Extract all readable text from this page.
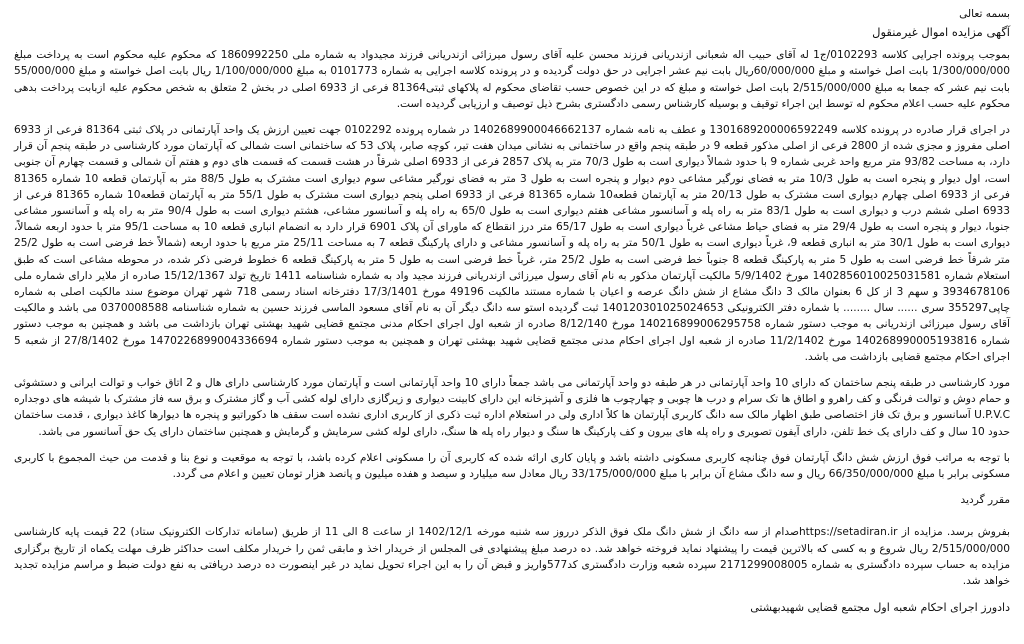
بسمه تعالی

آگهی مزایده اموال غیرمنقول

بموجب پرونده اجرایی کلاسه 0102293/ج1 له آقای حبیب اله شعبانی ازندریانی فرزند محسن علیه آقای رسول میرزائی ازندریانی فرزند مجیدواد به شماره ملی 1860992250 که محکوم علیه محکوم است به پرداخت مبلغ 1/300/000/000 بابت اصل خواسته و مبلغ 60/000/000ریال بابت نیم عشر اجرایی در حق دولت گردیده و در پرونده کلاسه اجرایی به شماره 0101773 به مبلغ 1/100/000/000 ریال بابت اصل خواسته و مبلغ 55/000/000 بابت نیم عشر که جمعا به مبلغ 2/515/000/000 بابت اصل خواسته و مبلغ که در این خصوص حسب تقاضای محکوم له پلاکهای ثبتی81364 فرعی از 6933 اصلی در بخش 2 متعلق به شخص محکوم علیه ازبابت پرداخت بدهی محکوم علیه حسب اعلام محکوم له توسط این اجراء توقیف و بوسیله کارشناس رسمی دادگستری بشرح ذیل توصیف و ارزیابی گردیده است.

در اجرای قرار صادره در پرونده کلاسه 1301689200006592249 و عطف به نامه شماره 1402689900046662137 در شماره پرونده 0102292 جهت تعیین ارزش یک واحد آپارتمانی در پلاک ثبتی 81364 فرعی از 6933 اصلی مفروز و مجزی شده از 2800 فرعی از اصلی مذکور قطعه 9 در طبقه پنجم واقع در ساختمانی به نشانی میدان هفت تیر، کوچه صابر، پلاک 53 که ساختمانی است شمالی که آپارتمان مورد کارشناسی در طبقه پنجم آن قرار دارد، به مساحت 93/82 متر مربع واحد غربی شماره 9 با حدود شمالاً دیواری است به طول 70/3 متر به پلاک 2857 فرعی از 6933 اصلی شرقاً در هشت قسمت که قسمت های دوم و هفتم آن شمالی و قسمت چهارم آن جنوبی است، اول دیوار و پنجره است به طول 10/3 متر به فضای نورگیر مشاعی دوم دیوار و پنجره است به طول 3 متر به فضای نورگیر مشاعی سوم دیواری است مشترک به طول 88/5 متر به آپارتمان قطعه 10 شماره 81365 فرعی از 6933 اصلی چهارم دیواری است مشترک به طول 20/13 متر به آپارتمان قطعه10 شماره 81365 فرعی از 6933 اصلی پنجم دیواری است مشترک به طول 55/1 متر به آپارتمان قطعه10 شماره 81365 فرعی از 6933 اصلی ششم درب و دیواری است به طول 83/1 متر به راه پله و آسانسور مشاعی هفتم دیواری است به طول 65/0 به راه پله و آسانسور مشاعی، هشتم دیواری است به طول 90/4 متر به راه پله و آسانسور مشاعی جنوبا، دیوار و پنجره است به طول 29/4 متر به فضای حیاط مشاعی غرباً دیواری است به طول 65/17 متر درز انقطاع که ماورای آن پلاک 6901 قرار دارد به انضمام انباری قطعه 10 به مساحت 95/1 متر با حدود اربعه شمالاً، دیواری است به طول 30/1 متر به انباری قطعه 9، غرباً دیواری است به طول 50/1 متر به راه پله و آسانسور مشاعی و دارای پارکینگ قطعه 7 به مساحت 25/11 متر مربع با حدود اربعه (شمالاً خط فرضی است به طول 25/2 متر شرقاً خط فرضی است به طول 5 متر به پارکینگ قطعه 8 جنوباً خط فرضی است به طول 25/2 متر، غرباً خط فرضی است به طول 5 متر به پارکینگ قطعه 6 خطوط فرضی ذکر شده، در محوطه مشاعی است که طبق استعلام شماره 1402856010025031581 مورخ 5/9/1402 مالکیت آپارتمان مذکور به نام آقای رسول میرزائی ازندریانی فرزند مجید واد به شماره شناسنامه 1411 تاریخ تولد 15/12/1367 صادره از ملایر دارای شماره ملی 3934678106 و سهم 3 از کل 6 بعنوان مالک 3 دانگ مشاع از شش دانگ عرصه و اعیان با شماره مستند مالکیت 49196 مورخ 17/3/1401 دفترخانه اسناد رسمی 718 شهر تهران موضوع سند مالکیت اصلی به شماره چاپی355297 سری ...... سال ........ با شماره دفتر الکترونیکی 140120301025024653 ثبت گردیده استو سه دانگ دیگر آن به نام آقای مسعود الماسی فرزند حسین به شماره شناسنامه 0370008588 می باشد و مالکیت آقای رسول میرزائی ازندریانی به موجب دستور شماره 140216899006295758 مورخ 8/12/140 صادره از شعبه اول اجرای احکام مدنی مجتمع قضایی شهید بهشتی تهران بازداشت می باشد و همچنین به موجب دستور شماره 140268990005193816 مورخ 11/2/1402 صادره از شعبه اول اجرای احکام مدنی مجتمع قضایی شهید بهشتی تهران و همچنین به موجب دستور شماره 1470226899004336694 مورخ 27/8/1402 از شعبه 5 اجرای احکام مجتمع قضایی بازداشت می باشد.

مورد کارشناسی در طبقه پنجم ساختمان که دارای 10 واحد آپارتمانی در هر طبقه دو واحد آپارتمانی می باشد جمعاً دارای 10 واحد آپارتمانی است و آپارتمان مورد کارشناسی دارای هال و 2 اتاق خواب و توالت ایرانی و دستشوئی و حمام دوش و توالت فرنگی و کف راهرو و اطاق ها تک سرام و درب ها چوبی و چهارچوب ها فلزی و آشپزخانه این دارای کابینت دیواری و زیرگازی دارای لوله کشی آب و گاز مشترک و برق سه فاز مشترک با شیشه های دوجداره U.P.V.C آسانسور و برق تک فاز اختصاصی طبق اظهار مالک سه دانگ کاربری آپارتمان ها کلاً اداری ولی در استعلام اداره ثبت ذکری از کاربری اداری نشده است سقف ها دکوراتیو و پنجره ها دیوارها کاغذ دیواری ، قدمت ساختمان حدود 10 سال و کف دارای یک خط تلفن، دارای آیفون تصویری و راه پله های بیرون و کف پارکینگ ها سنگ و دیوار راه پله ها سنگ، دارای لوله کشی سرمایش و گرمایش و همچنین ساختمان دارای یک حق آسانسور می باشد.

با توجه به مراتب فوق ارزش شش دانگ آپارتمان فوق چنانچه کاربری مسکونی داشته باشد و پایان کاری ارائه شده که کاربری آن را مسکونی اعلام کرده باشد، با توجه به موقعیت و نوع بنا و قدمت من حیث المجموع با کاربری مسکونی برابر با مبلغ 66/350/000/000 ریال و سه دانگ مشاع آن برابر با مبلغ 33/175/000/000 ریال معادل سه میلیارد و سیصد و هفده میلیون و پانصد هزار تومان تعیین و اعلام می گردد.

مقرر گردید

بفروش برسد. مزایده از https://setadiran.irصدام از سه دانگ از شش دانگ ملک فوق الذکر درروز سه شنبه مورخه 1402/12/1 از ساعت 8 الی 11 از طریق (سامانه تدارکات الکترونیک ستاد) 22 قیمت پایه کارشناسی 2/515/000/000 ریال شروع و به کسی که بالاترین قیمت را پیشنهاد نماید فروخته خواهد شد. ده درصد مبلغ پیشنهادی فی المجلس از خریدار اخذ و مابقی ثمن را خریدار مکلف است حداکثر ظرف مهلت یکماه از تاریخ برگزاری مزایده به حساب سپرده دادگستری به شماره 2171299008005 سپرده شعبه وزارت دادگستری کد577واریز و قبض آن را به این اجراء تحویل نماید در غیر اینصورت ده درصد دریافتی به نفع دولت ضبط و مراسم مزایده تجدید خواهد شد.

دادورز اجرای احکام شعبه اول مجتمع قضایی شهیدبهشتی
